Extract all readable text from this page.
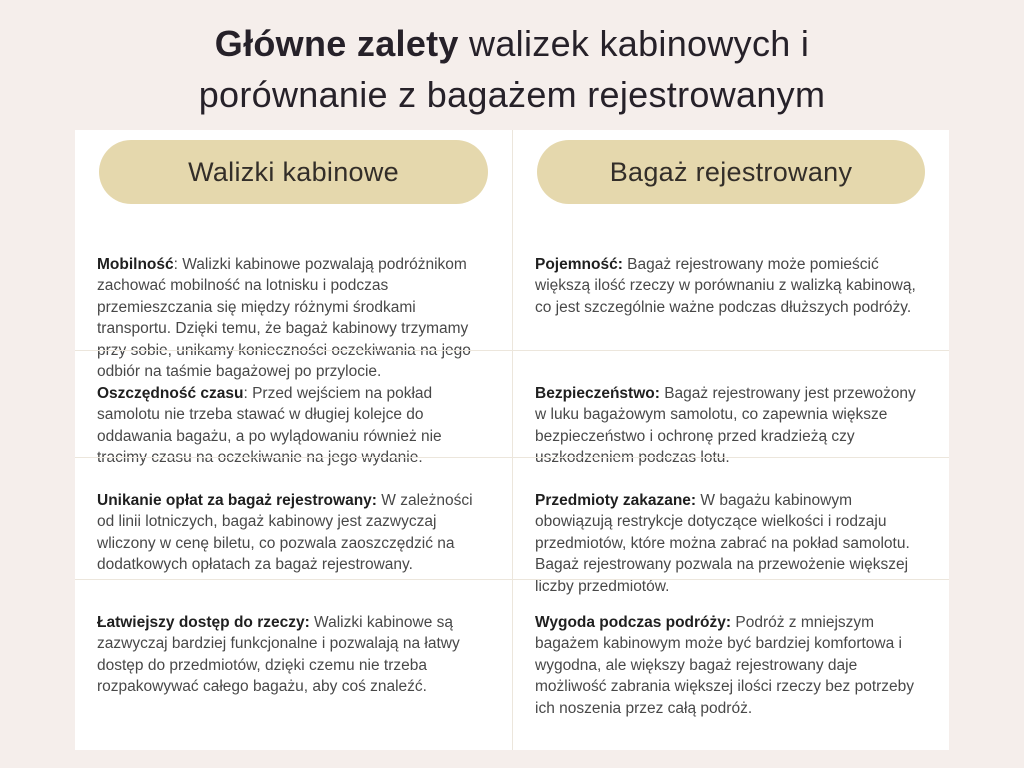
Główne zalety walizek kabinowych i porównanie z bagażem rejestrowanym
Walizki kabinowe	Bagaż rejestrowany

Mobilność: Walizki kabinowe pozwalają podróżnikom zachować mobilność na lotnisku i podczas przemieszczania się między różnymi środkami transportu. Dzięki temu, że bagaż kabinowy trzymamy przy sobie, unikamy konieczności oczekiwania na jego odbiór na taśmie bagażowej po przylocie.

Pojemność: Bagaż rejestrowany może pomieścić większą ilość rzeczy w porównaniu z walizką kabinową, co jest szczególnie ważne podczas dłuższych podróży.

Oszczędność czasu: Przed wejściem na pokład samolotu nie trzeba stawać w długiej kolejce do oddawania bagażu, a po wylądowaniu również nie tracimy czasu na oczekiwanie na jego wydanie.

Bezpieczeństwo: Bagaż rejestrowany jest przewożony w luku bagażowym samolotu, co zapewnia większe bezpieczeństwo i ochronę przed kradzieżą czy uszkodzeniem podczas lotu.

Unikanie opłat za bagaż rejestrowany: W zależności od linii lotniczych, bagaż kabinowy jest zazwyczaj wliczony w cenę biletu, co pozwala zaoszczędzić na dodatkowych opłatach za bagaż rejestrowany.

Przedmioty zakazane: W bagażu kabinowym obowiązują restrykcje dotyczące wielkości i rodzaju przedmiotów, które można zabrać na pokład samolotu. Bagaż rejestrowany pozwala na przewożenie większej liczby przedmiotów.

Łatwiejszy dostęp do rzeczy: Walizki kabinowe są zazwyczaj bardziej funkcjonalne i pozwalają na łatwy dostęp do przedmiotów, dzięki czemu nie trzeba rozpakowywać całego bagażu, aby coś znaleźć.

Wygoda podczas podróży: Podróż z mniejszym bagażem kabinowym może być bardziej komfortowa i wygodna, ale większy bagaż rejestrowany daje możliwość zabrania większej ilości rzeczy bez potrzeby ich noszenia przez całą podróż.
